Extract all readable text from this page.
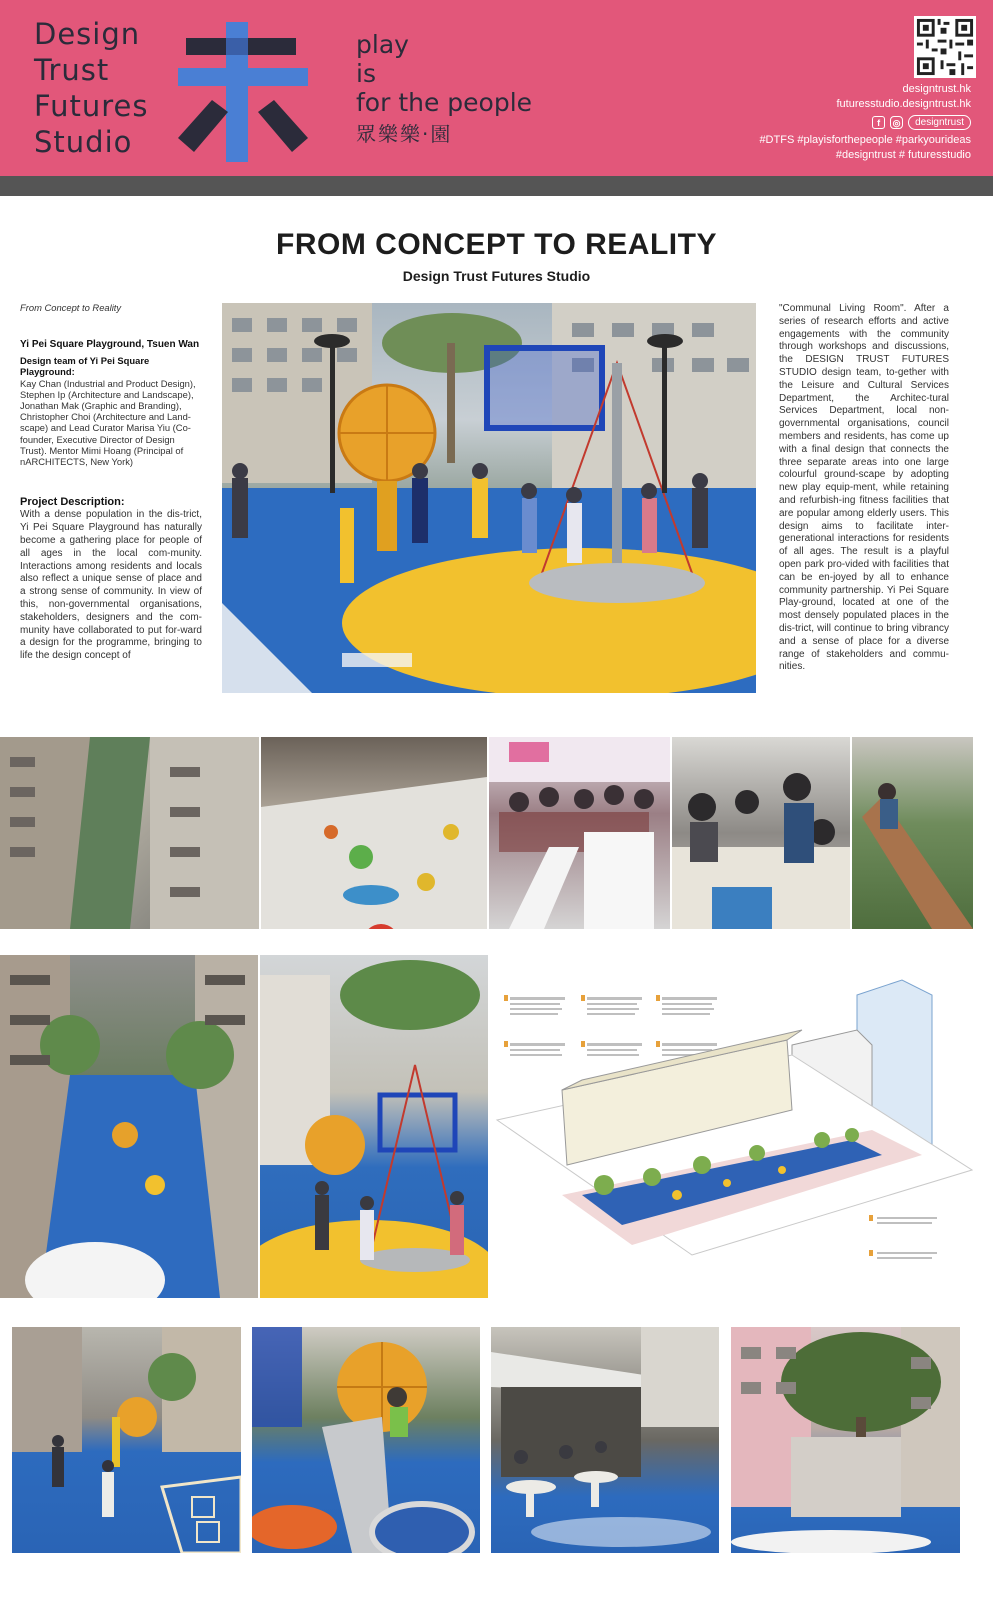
Design
Trust
Futures
Studio
play
is
for the people
眾樂樂‧園
designtrust.hk
futuresstudio.designtrust.hk
f	◎	designtrust
#DTFS #playisforthepeople #parkyourideas
#designtrust # futuresstudio
FROM CONCEPT TO REALITY
Design Trust Futures Studio
From Concept to Reality
Yi Pei Square Playground, Tsuen Wan
Design team of Yi Pei Square Playground:
Kay Chan (Industrial and Product Design), Stephen Ip (Architecture and Landscape), Jonathan Mak (Graphic and Branding), Christopher Choi (Architecture and Land-scape) and Lead Curator Marisa Yiu (Co-founder, Executive Director of Design Trust). Mentor Mimi Hoang (Principal of nARCHITECTS, New York)
Project Description:
With a dense population in the dis-trict, Yi Pei Square Playground has naturally become a gathering place for people of all ages in the local com-munity. Interactions among residents and locals also reflect a unique sense of place and a strong sense of community. In view of this, non-governmental organisations, stakeholders, designers and the com-munity have collaborated to put for-ward a design for the programme, bringing to life the design concept of
"Communal Living Room". After a series of research efforts and active engagements with the community through workshops and discussions, the DESIGN TRUST FUTURES STUDIO design team, to-gether with the Leisure and Cultural Services Department, the Architec-tural Services Department, local non-governmental organisations, council members and residents, has come up with a final design that connects the three separate areas into one large colourful ground-scape by adopting new play equip-ment, while retaining and refurbish-ing fitness facilities that are popular among elderly users. This design aims to facilitate inter-generational interactions for residents of all ages. The result is a playful open park pro-vided with facilities that can be en-joyed by all to enhance community partnership. Yi Pei Square Play-ground, located at one of the most densely populated places in the dis-trict, will continue to bring vibrancy and a sense of place for a diverse range of stakeholders and commu-nities.
